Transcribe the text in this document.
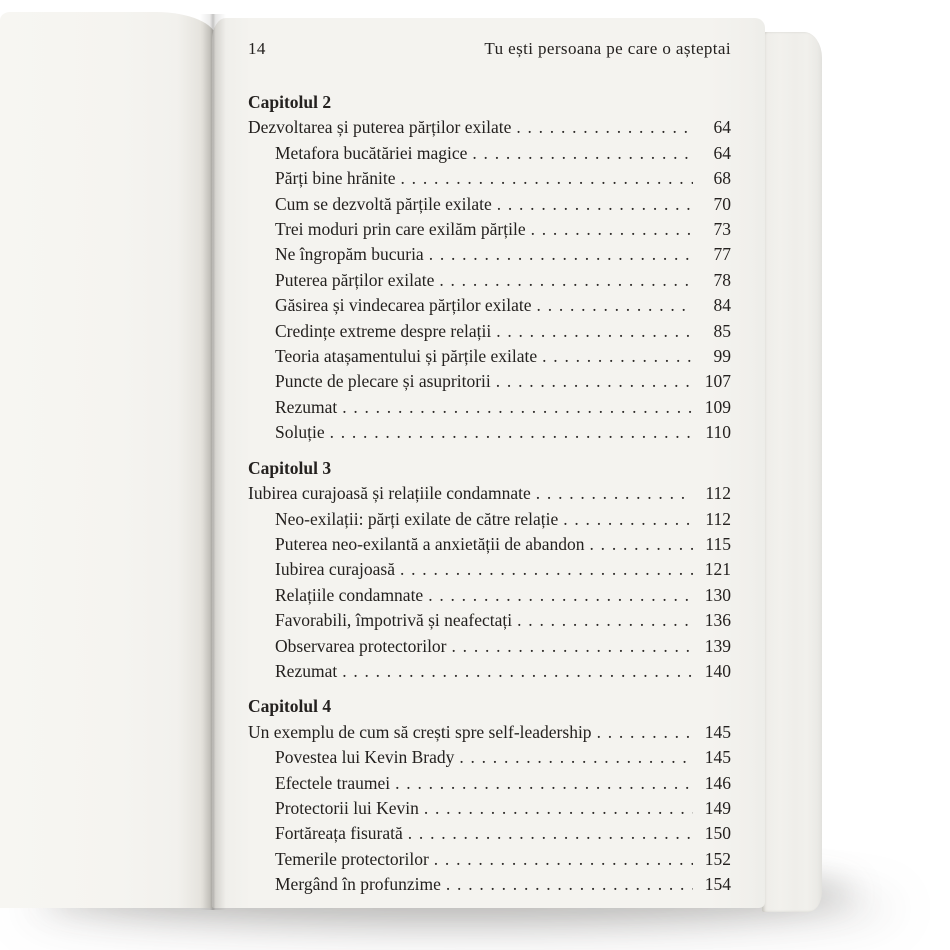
14	Tu ești persoana pe care o așteptai
Capitolul 2
Dezvoltarea și puterea părților exilate . . .	64
Metafora bucătăriei magice . . .	64
Părți bine hrănite . . .	68
Cum se dezvoltă părțile exilate . . .	70
Trei moduri prin care exilăm părțile . . .	73
Ne îngropăm bucuria . . .	77
Puterea părților exilate . . .	78
Găsirea și vindecarea părților exilate . . .	84
Credințe extreme despre relații . . .	85
Teoria atașamentului și părțile exilate . . .	99
Puncte de plecare și asupritorii . . .	107
Rezumat . . .	109
Soluție . . .	110
Capitolul 3
Iubirea curajoasă și relațiile condamnate . . .	112
Neo-exilații: părți exilate de către relație . . .	112
Puterea neo-exilantă a anxietății de abandon . . .	115
Iubirea curajoasă . . .	121
Relațiile condamnate . . .	130
Favorabili, împotrivă și neafectați . . .	136
Observarea protectorilor . . .	139
Rezumat . . .	140
Capitolul 4
Un exemplu de cum să crești spre self-leadership . . .	145
Povestea lui Kevin Brady . . .	145
Efectele traumei . . .	146
Protectorii lui Kevin . . .	149
Fortăreața fisurată . . .	150
Temerile protectorilor . . .	152
Mergând în profunzime . . .	154
